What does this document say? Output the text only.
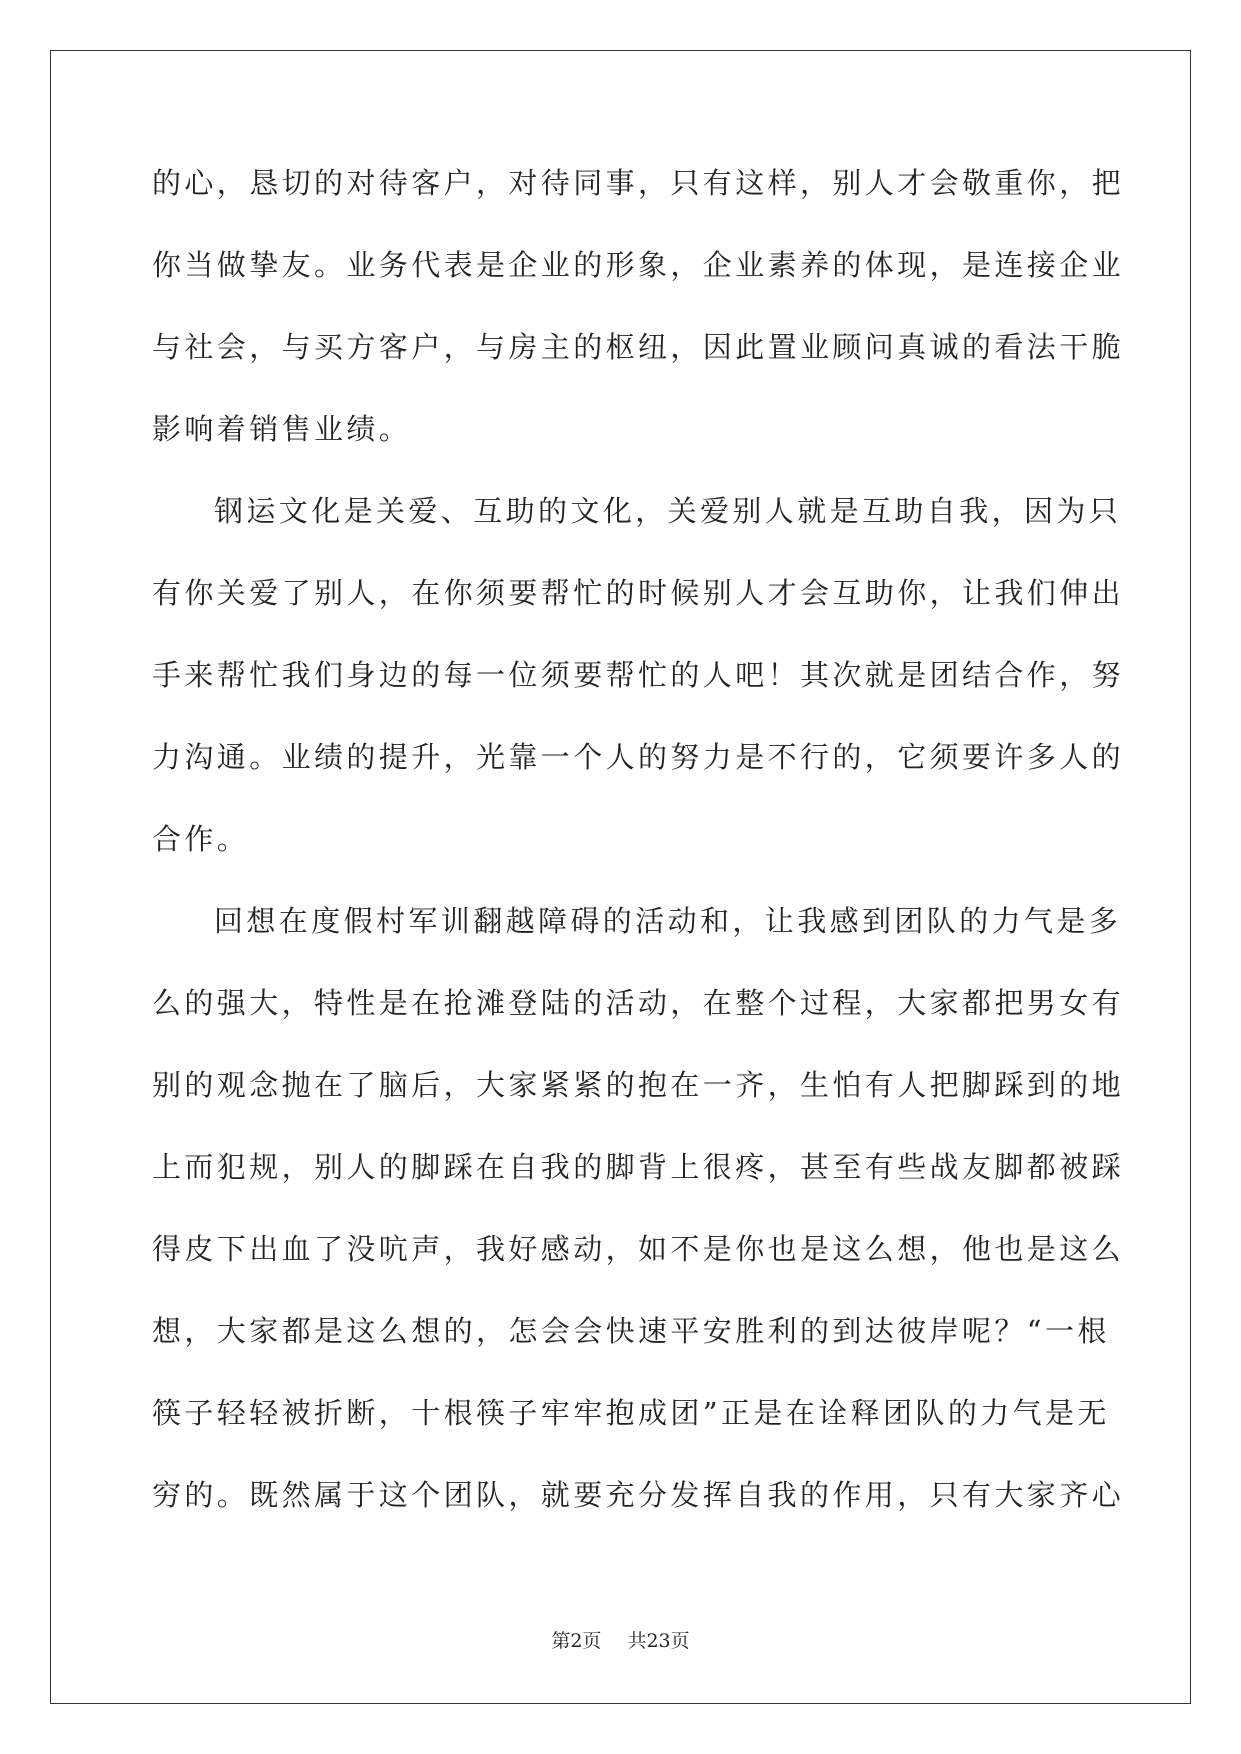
的心，恳切的对待客户，对待同事，只有这样，别人才会敬重你，把
你当做挚友。业务代表是企业的形象，企业素养的体现，是连接企业
与社会，与买方客户，与房主的枢纽，因此置业顾问真诚的看法干脆
影响着销售业绩。
钢运文化是关爱、互助的文化，关爱别人就是互助自我，因为只
有你关爱了别人，在你须要帮忙的时候别人才会互助你，让我们伸出
手来帮忙我们身边的每一位须要帮忙的人吧！其次就是团结合作，努
力沟通。业绩的提升，光靠一个人的努力是不行的，它须要许多人的
合作。
回想在度假村军训翻越障碍的活动和，让我感到团队的力气是多
么的强大，特性是在抢滩登陆的活动，在整个过程，大家都把男女有
别的观念抛在了脑后，大家紧紧的抱在一齐，生怕有人把脚踩到的地
上而犯规，别人的脚踩在自我的脚背上很疼，甚至有些战友脚都被踩
得皮下出血了没吭声，我好感动，如不是你也是这么想，他也是这么
想，大家都是这么想的，怎会会快速平安胜利的到达彼岸呢？“一根
筷子轻轻被折断，十根筷子牢牢抱成团”正是在诠释团队的力气是无
穷的。既然属于这个团队，就要充分发挥自我的作用，只有大家齐心
第2页 共23页
